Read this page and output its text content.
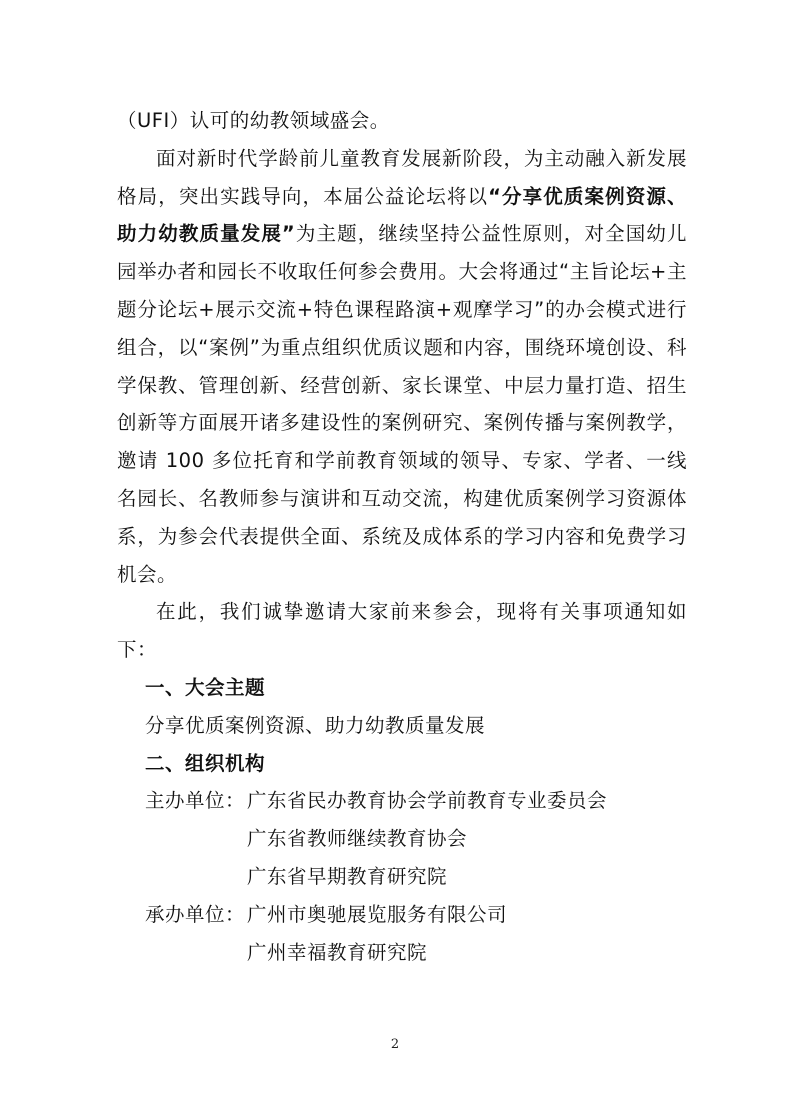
（UFI）认可的幼教领域盛会。

面对新时代学龄前儿童教育发展新阶段，为主动融入新发展格局，突出实践导向，本届公益论坛将以“分享优质案例资源、助力幼教质量发展”为主题，继续坚持公益性原则，对全国幼儿园举办者和园长不收取任何参会费用。大会将通过“主旨论坛+主题分论坛+展示交流+特色课程路演+观摩学习”的办会模式进行组合，以“案例”为重点组织优质议题和内容，围绕环境创设、科学保教、管理创新、经营创新、家长课堂、中层力量打造、招生创新等方面展开诸多建设性的案例研究、案例传播与案例教学，邀请 100 多位托育和学前教育领域的领导、专家、学者、一线名园长、名教师参与演讲和互动交流，构建优质案例学习资源体系，为参会代表提供全面、系统及成体系的学习内容和免费学习机会。

在此，我们诚挚邀请大家前来参会，现将有关事项通知如下：

一、大会主题

分享优质案例资源、助力幼教质量发展

二、组织机构

主办单位： 广东省民办教育协会学前教育专业委员会

广东省教师继续教育协会

广东省早期教育研究院

承办单位： 广州市奥驰展览服务有限公司

广州幸福教育研究院

2
